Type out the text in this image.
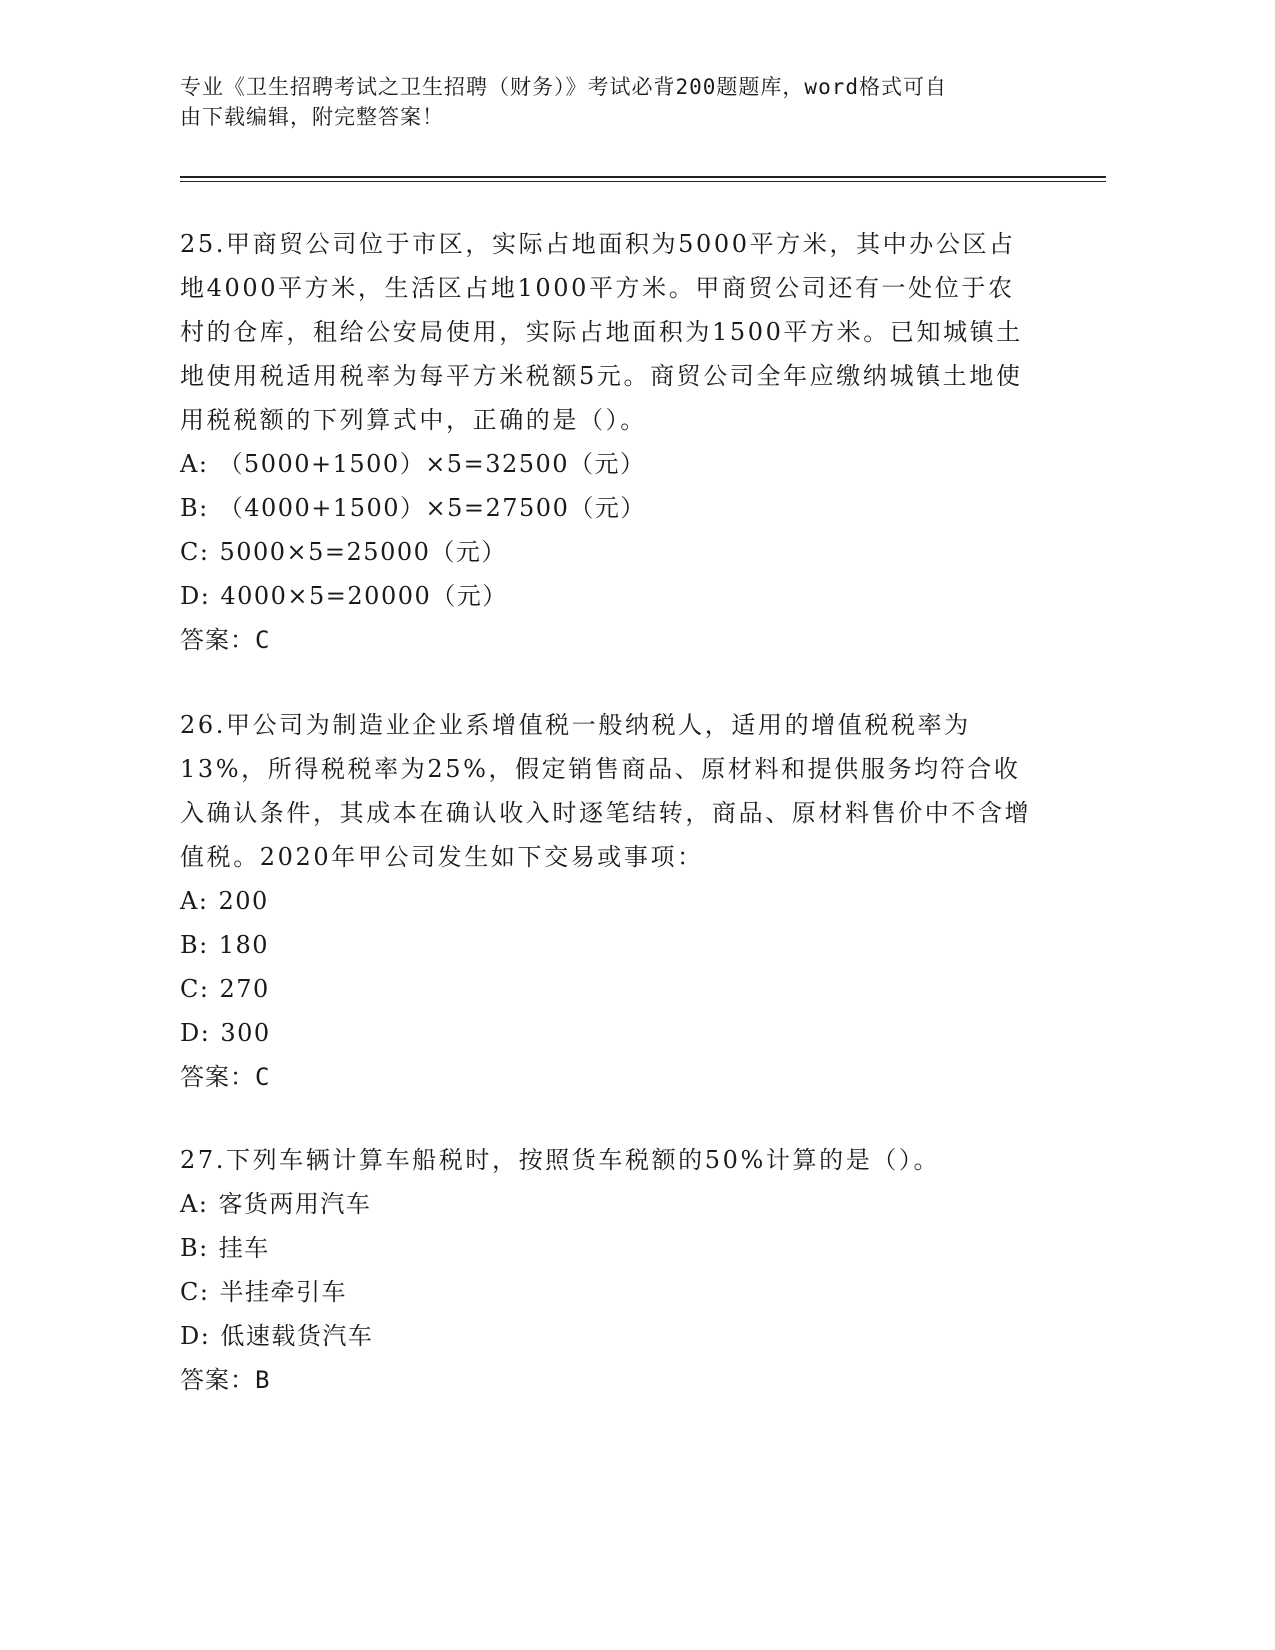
专业《卫生招聘考试之卫生招聘（财务）》考试必背200题题库，word格式可自
由下载编辑，附完整答案！

25.甲商贸公司位于市区，实际占地面积为5000平方米，其中办公区占地4000平方米，生活区占地1000平方米。甲商贸公司还有一处位于农村的仓库，租给公安局使用，实际占地面积为1500平方米。已知城镇土地使用税适用税率为每平方米税额5元。商贸公司全年应缴纳城镇土地使用税税额的下列算式中，正确的是（）。

A : （5000+1500）×5=32500（元）

B : （4000+1500）×5=27500（元）

C : 5000×5=25000（元）

D : 4000×5=20000（元）

答案：C

26.甲公司为制造业企业系增值税一般纳税人，适用的增值税税率为13%，所得税税率为25%，假定销售商品、原材料和提供服务均符合收入确认条件，其成本在确认收入时逐笔结转，商品、原材料售价中不含增值税。2020年甲公司发生如下交易或事项：

A : 200

B : 180

C : 270

D : 300

答案：C

27.下列车辆计算车船税时，按照货车税额的50%计算的是（）。

A : 客货两用汽车

B : 挂车

C : 半挂牵引车

D : 低速载货汽车

答案：B
